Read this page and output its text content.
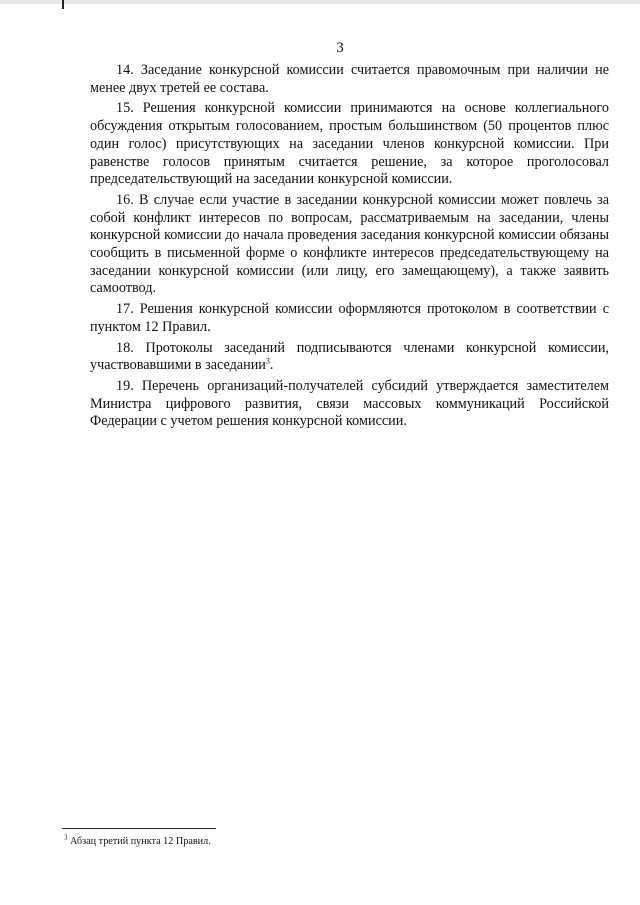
3

14. Заседание конкурсной комиссии считается правомочным при наличии не менее двух третей ее состава.

15. Решения конкурсной комиссии принимаются на основе коллегиального обсуждения открытым голосованием, простым большинством (50 процентов плюс один голос) присутствующих на заседании членов конкурсной комиссии. При равенстве голосов принятым считается решение, за которое проголосовал председательствующий на заседании конкурсной комиссии.

16. В случае если участие в заседании конкурсной комиссии может повлечь за собой конфликт интересов по вопросам, рассматриваемым на заседании, члены конкурсной комиссии до начала проведения заседания конкурсной комиссии обязаны сообщить в письменной форме о конфликте интересов председательствующему на заседании конкурсной комиссии (или лицу, его замещающему), а также заявить самоотвод.

17. Решения конкурсной комиссии оформляются протоколом в соответствии с пунктом 12 Правил.

18. Протоколы заседаний подписываются членами конкурсной комиссии, участвовавшими в заседании$^3$.

19. Перечень организаций-получателей субсидий утверждается заместителем Министра цифрового развития, связи массовых коммуникаций Российской Федерации с учетом решения конкурсной комиссии.

$^3$ Абзац третий пункта 12 Правил.
